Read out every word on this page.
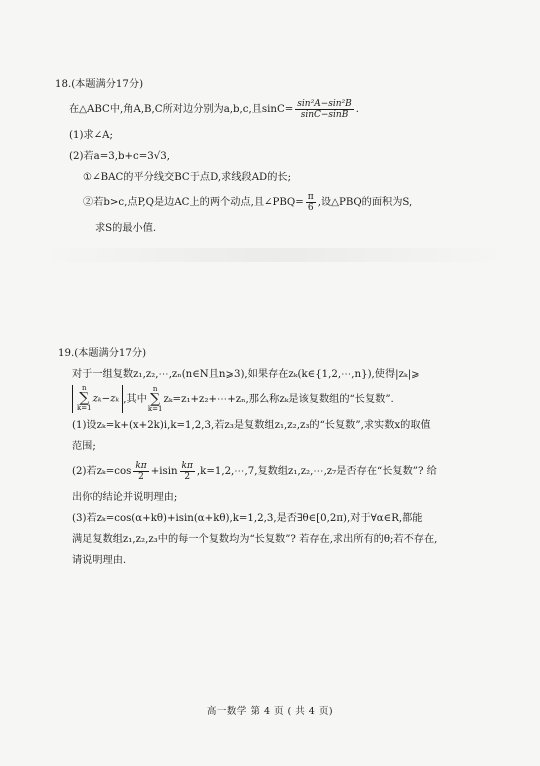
18.(本题满分17分)
在△ABC中,角A,B,C所对边分别为a,b,c,且$\sin C= \frac{\text{sin²A−sin²B}}{\sin C-\sin B}$ .
(1)求∠A;
(2)若a=3,b+c=3√3,
①∠BAC的平分线交BC于点D,求线段AD的长;
②若b>c,点P,Q是边AC上的两个动点,且∠PBQ= $\frac{\pi}{6}$ ,设△PBQ的面积为S,
求S的最小值.
19.(本题满分17分)
对于一组复数z₁,z₂,⋯,zₙ(n∈N且n⩾3),如果存在zₖ(k∈{1,2,⋯,n}),使得|zₖ|⩾
n
∑
k=1zₖ−zₖ ,其中n
∑
k=1zₖ=z₁+z₂+⋯+zₙ,那么称zₖ是该复数组的“长复数”.
(1)设zₖ=k+(x+2k)i,k=1,2,3,若z₃是复数组z₁,z₂,z₃的“长复数”,求实数x的取值
范围;
(2)若$z_k=\cos \frac{k\pi}{2} +isin \frac{k\pi}{2}$ ,k=1,2,⋯,7,复数组z₁,z₂,⋯,z₇是否存在“长复数”? 给
出你的结论并说明理由;
(3)若zₖ=cos(α+kθ)+isin(α+kθ),k=1,2,3,是否∃θ∈[0,2π),对于∀α∈R,都能
满足复数组z₁,z₂,z₃中的每一个复数均为“长复数”? 若存在,求出所有的θ;若不存在,
请说明理由.
高一数学 第 4 页 ( 共 4 页)
